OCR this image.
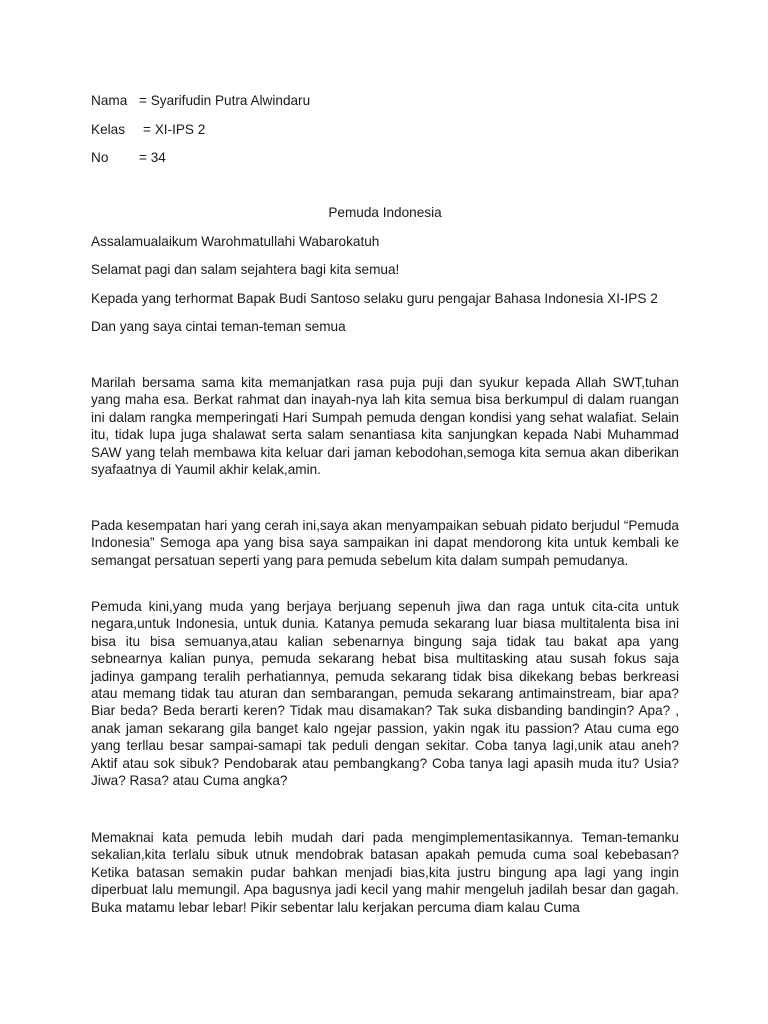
Nama = Syarifudin Putra Alwindaru
Kelas = XI-IPS 2
No = 34
Pemuda Indonesia
Assalamualaikum Warohmatullahi Wabarokatuh
Selamat pagi dan salam sejahtera bagi kita semua!
Kepada yang terhormat Bapak Budi Santoso selaku guru pengajar Bahasa Indonesia XI-IPS 2
Dan yang saya cintai teman-teman semua

Marilah bersama sama kita memanjatkan rasa puja puji dan syukur kepada Allah SWT,tuhan yang maha esa. Berkat rahmat dan inayah-nya lah kita semua bisa berkumpul di dalam ruangan ini dalam rangka memperingati Hari Sumpah pemuda dengan kondisi yang sehat walafiat. Selain itu, tidak lupa juga shalawat serta salam senantiasa kita sanjungkan kepada Nabi Muhammad SAW yang telah membawa kita keluar dari jaman kebodohan,semoga kita semua akan diberikan syafaatnya di Yaumil akhir kelak,amin.

Pada kesempatan hari yang cerah ini,saya akan menyampaikan sebuah pidato berjudul “Pemuda Indonesia” Semoga apa yang bisa saya sampaikan ini dapat mendorong kita untuk kembali ke semangat persatuan seperti yang para pemuda sebelum kita dalam sumpah pemudanya.

Pemuda kini,yang muda yang berjaya berjuang sepenuh jiwa dan raga untuk cita-cita untuk negara,untuk Indonesia, untuk dunia. Katanya pemuda sekarang luar biasa multitalenta bisa ini bisa itu bisa semuanya,atau kalian sebenarnya bingung saja tidak tau bakat apa yang sebnearnya kalian punya, pemuda sekarang hebat bisa multitasking atau susah fokus saja jadinya gampang teralih perhatiannya, pemuda sekarang tidak bisa dikekang bebas berkreasi atau memang tidak tau aturan dan sembarangan, pemuda sekarang antimainstream, biar apa? Biar beda? Beda berarti keren? Tidak mau disamakan? Tak suka disbanding bandingin? Apa? , anak jaman sekarang gila banget kalo ngejar passion, yakin ngak itu passion? Atau cuma ego yang terllau besar sampai-samapi tak peduli dengan sekitar. Coba tanya lagi,unik atau aneh? Aktif atau sok sibuk? Pendobarak atau pembangkang? Coba tanya lagi apasih muda itu? Usia? Jiwa? Rasa? atau Cuma angka?

Memaknai kata pemuda lebih mudah dari pada mengimplementasikannya. Teman-temanku sekalian,kita terlalu sibuk utnuk mendobrak batasan apakah pemuda cuma soal kebebasan? Ketika batasan semakin pudar bahkan menjadi bias,kita justru bingung apa lagi yang ingin diperbuat lalu memungil. Apa bagusnya jadi kecil yang mahir mengeluh jadilah besar dan gagah. Buka matamu lebar lebar! Pikir sebentar lalu kerjakan percuma diam kalau Cuma
